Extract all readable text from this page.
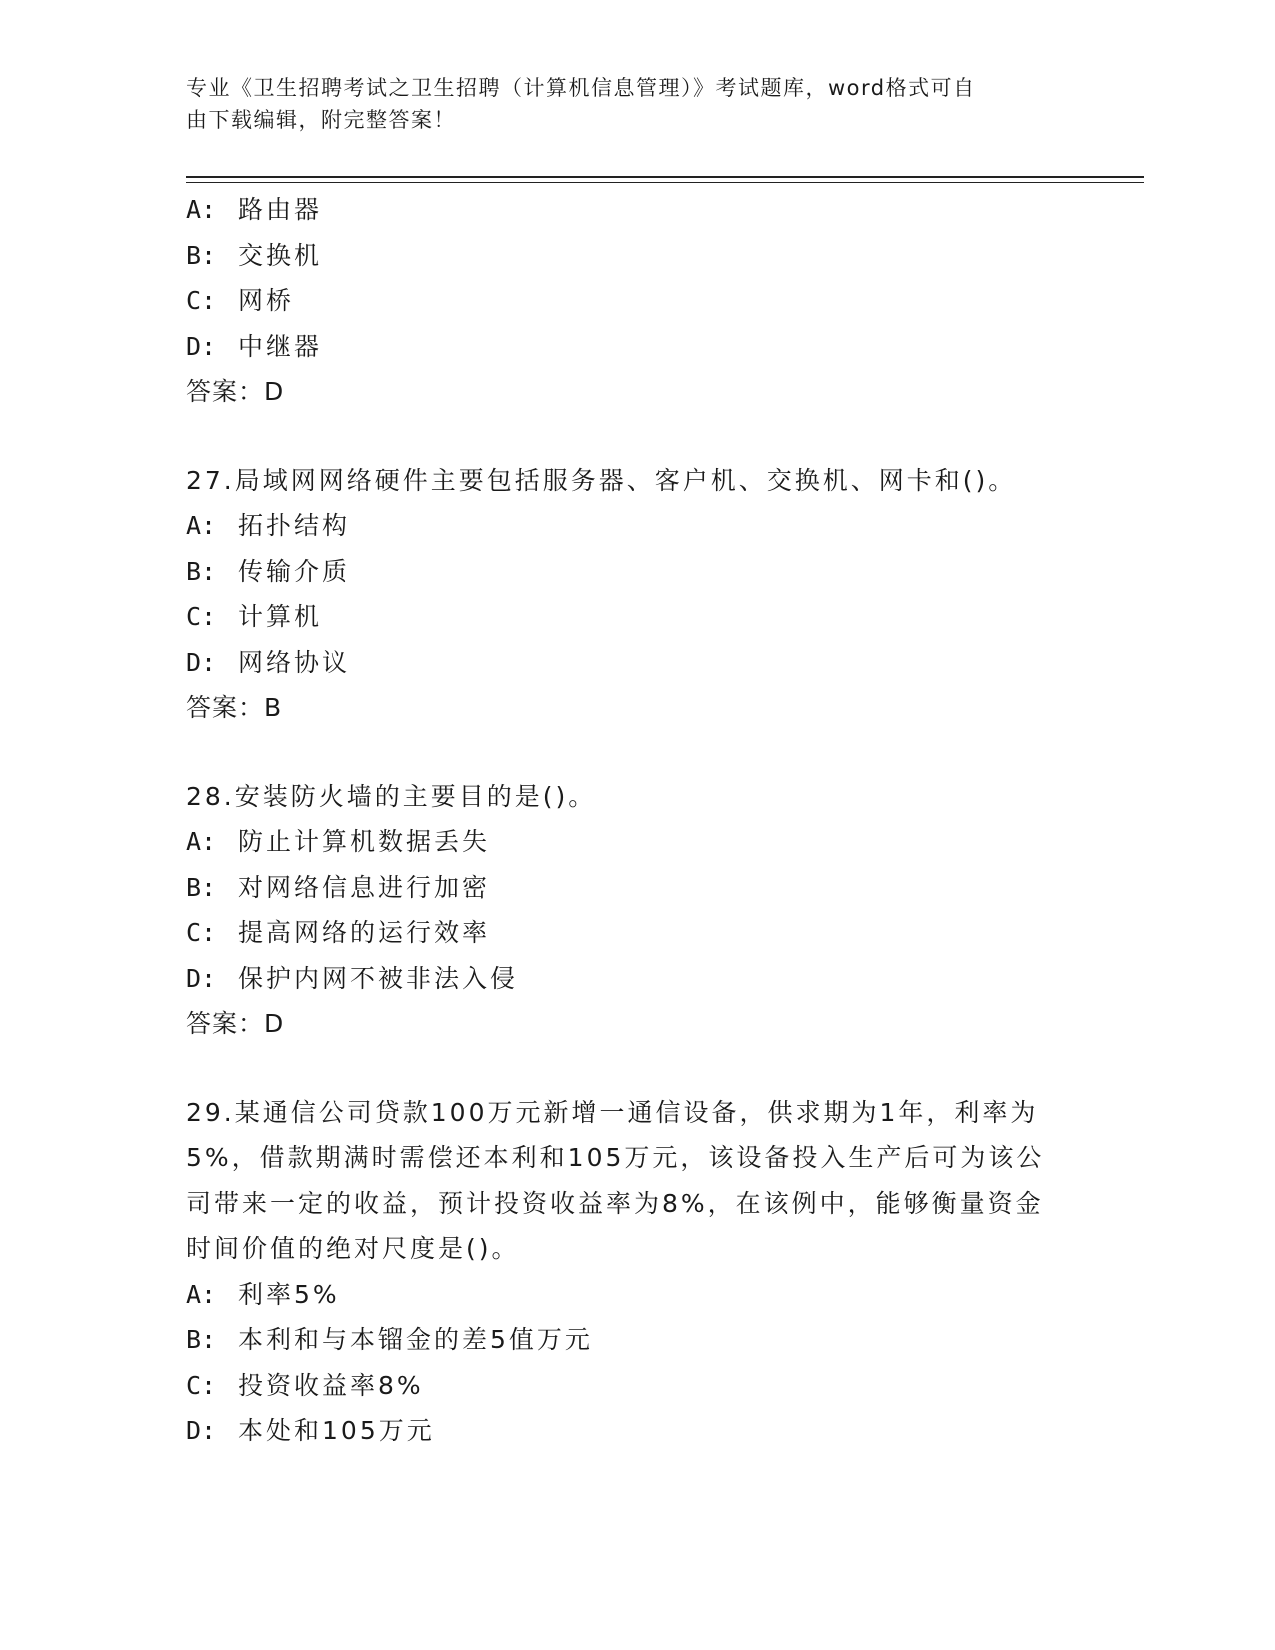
专业《卫生招聘考试之卫生招聘（计算机信息管理）》考试题库，word格式可自
由下载编辑，附完整答案！
A: 路由器
B: 交换机
C: 网桥
D: 中继器
答案：D
27.局域网网络硬件主要包括服务器、客户机、交换机、网卡和()。
A: 拓扑结构
B: 传输介质
C: 计算机
D: 网络协议
答案：B
28.安装防火墙的主要目的是()。
A: 防止计算机数据丢失
B: 对网络信息进行加密
C: 提高网络的运行效率
D: 保护内网不被非法入侵
答案：D
29.某通信公司贷款100万元新增一通信设备，供求期为1年，利率为
5%，借款期满时需偿还本利和105万元，该设备投入生产后可为该公
司带来一定的收益，预计投资收益率为8%，在该例中，能够衡量资金
时间价值的绝对尺度是()。
A: 利率5%
B: 本利和与本镏金的差5值万元
C: 投资收益率8%
D: 本处和105万元
